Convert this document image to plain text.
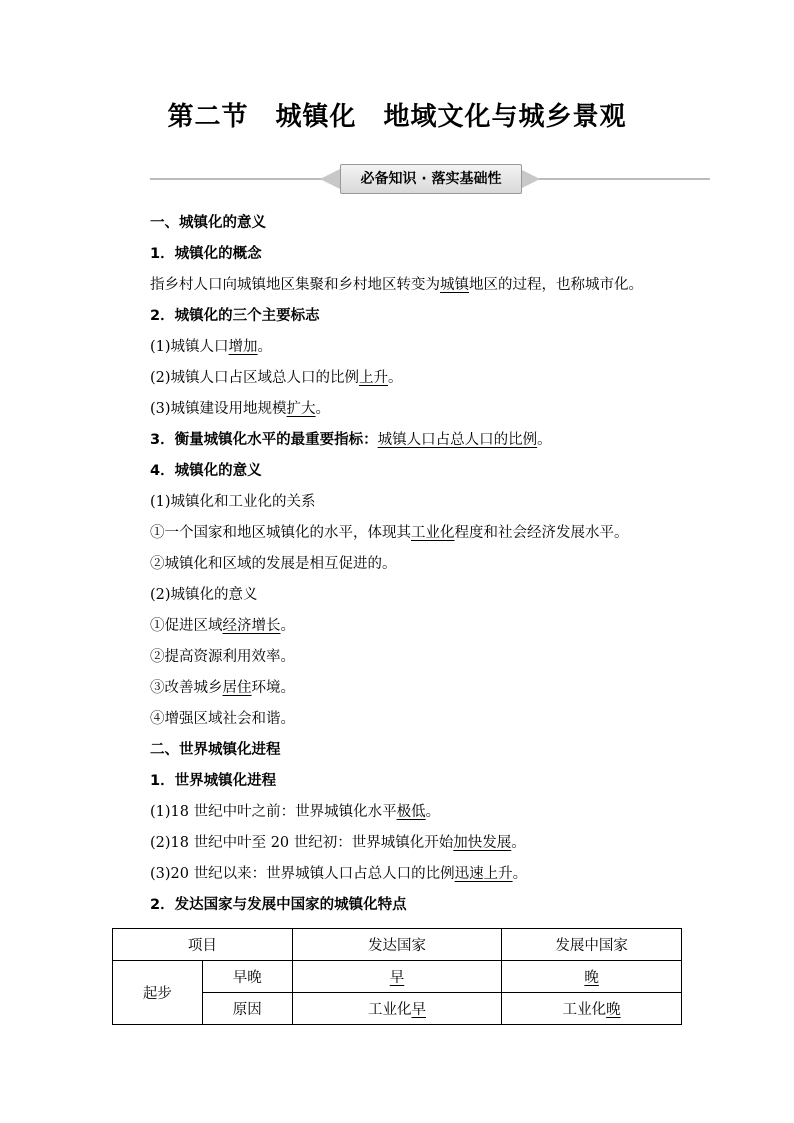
第二节　城镇化　地域文化与城乡景观
必备知识 · 落实基础性
一、城镇化的意义
1．城镇化的概念
指乡村人口向城镇地区集聚和乡村地区转变为城镇地区的过程，也称城市化。
2．城镇化的三个主要标志
(1)城镇人口增加。
(2)城镇人口占区域总人口的比例上升。
(3)城镇建设用地规模扩大。
3．衡量城镇化水平的最重要指标：城镇人口占总人口的比例。
4．城镇化的意义
(1)城镇化和工业化的关系
①一个国家和地区城镇化的水平，体现其工业化程度和社会经济发展水平。
②城镇化和区域的发展是相互促进的。
(2)城镇化的意义
①促进区域经济增长。
②提高资源利用效率。
③改善城乡居住环境。
④增强区域社会和谐。
二、世界城镇化进程
1．世界城镇化进程
(1)18 世纪中叶之前：世界城镇化水平极低。
(2)18 世纪中叶至 20 世纪初：世界城镇化开始加快发展。
(3)20 世纪以来：世界城镇人口占总人口的比例迅速上升。
2．发达国家与发展中国家的城镇化特点
项目		发达国家	发展中国家
起步	早晚	早	晚
	原因	工业化早	工业化晚
